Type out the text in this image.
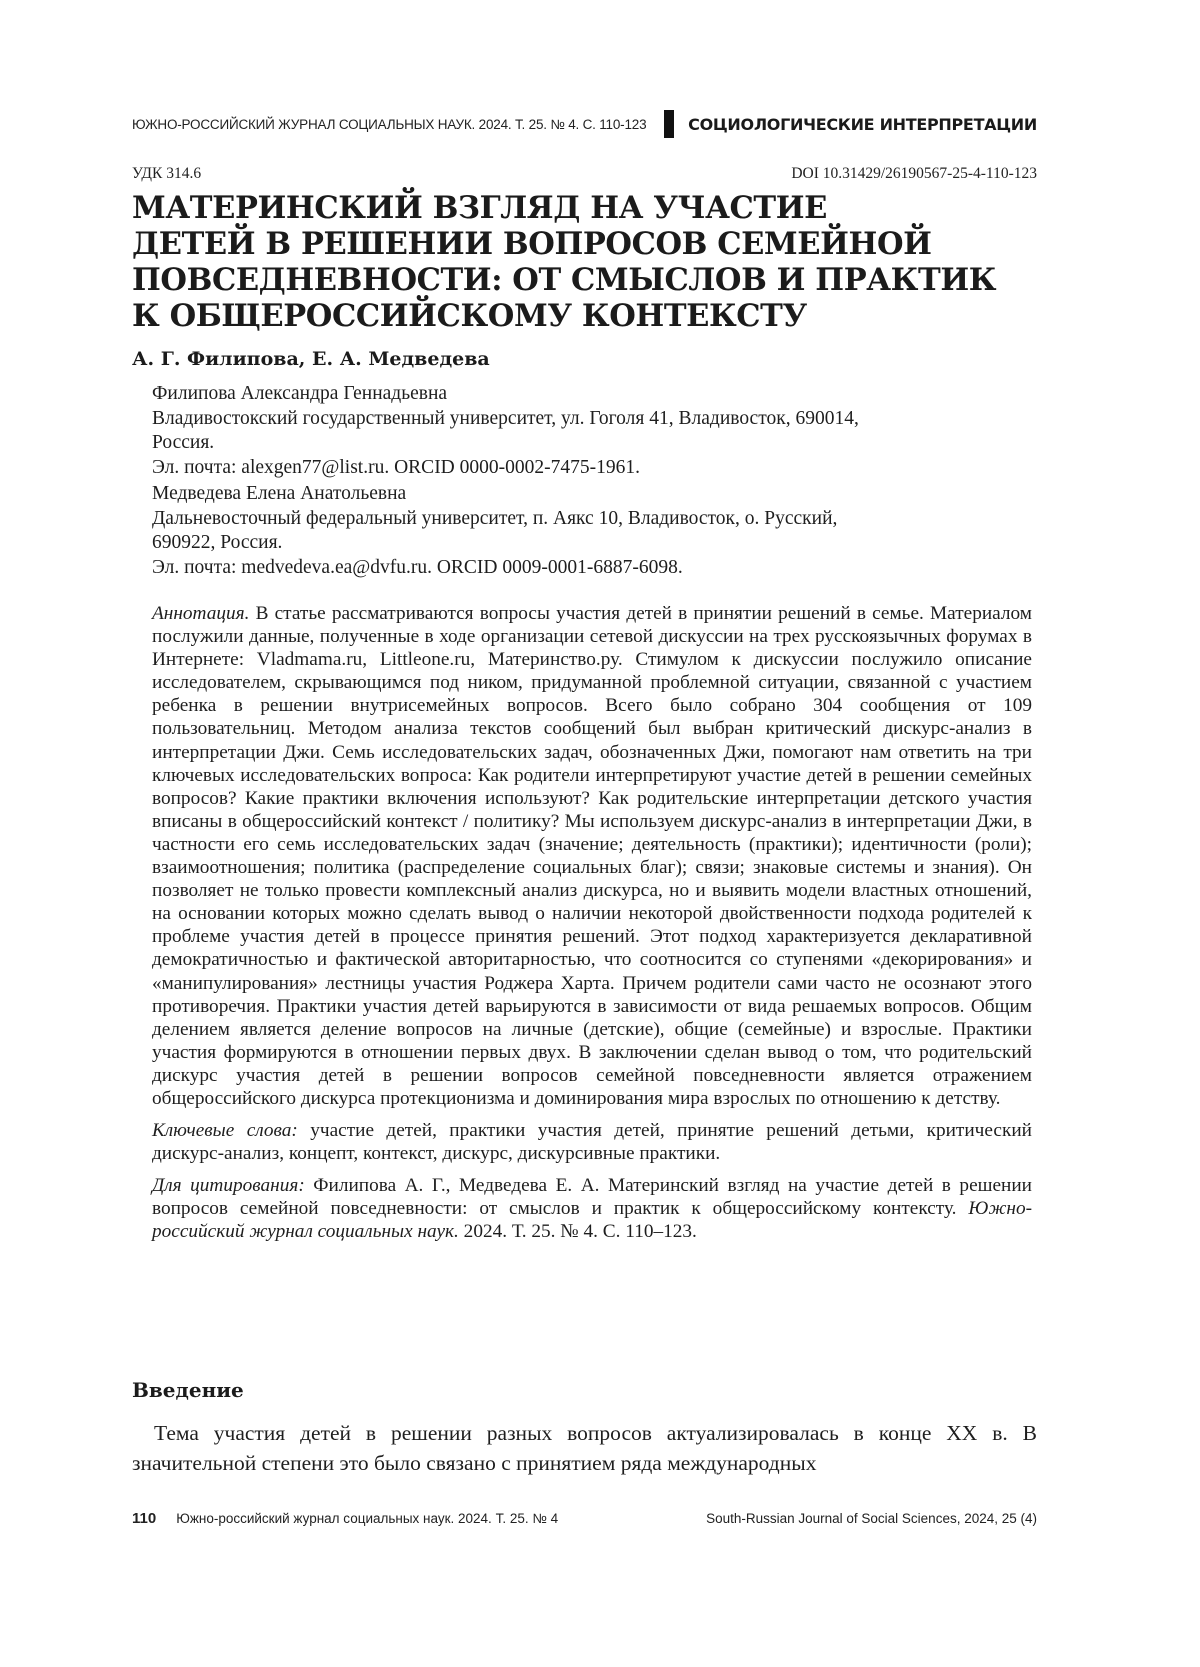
ЮЖНО-РОССИЙСКИЙ ЖУРНАЛ СОЦИАЛЬНЫХ НАУК. 2024. Т. 25. № 4. С. 110-123	СОЦИОЛОГИЧЕСКИЕ ИНТЕРПРЕТАЦИИ
УДК 314.6	DOI 10.31429/26190567-25-4-110-123
МАТЕРИНСКИЙ ВЗГЛЯД НА УЧАСТИЕ
ДЕТЕЙ В РЕШЕНИИ ВОПРОСОВ СЕМЕЙНОЙ
ПОВСЕДНЕВНОСТИ: ОТ СМЫСЛОВ И ПРАКТИК
К ОБЩЕРОССИЙСКОМУ КОНТЕКСТУ
А. Г. Филипова, Е. А. Медведева
Филипова Александра Геннадьевна
Владивостокский государственный университет, ул. Гоголя 41, Владивосток, 690014,
Россия.
Эл. почта: alexgen77@list.ru. ORCID 0000-0002-7475-1961.
Медведева Елена Анатольевна
Дальневосточный федеральный университет, п. Аякс 10, Владивосток, о. Русский,
690922, Россия.
Эл. почта: medvedeva.ea@dvfu.ru. ORCID 0009-0001-6887-6098.

Аннотация. В статье рассматриваются вопросы участия детей в принятии решений в семье. Материалом послужили данные, полученные в ходе организации сетевой дискуссии на трех русскоязычных форумах в Интернете: Vladmama.ru, Littleone.ru, Материнство.ру. Стимулом к дискуссии послужило описание исследователем, скрывающимся под ником, придуманной проблемной ситуации, связанной с участием ребенка в решении внутрисемейных вопросов. Всего было собрано 304 сообщения от 109 пользовательниц. Методом анализа текстов сообщений был выбран критический дискурс-анализ в интерпретации Джи. Семь исследовательских задач, обозначенных Джи, помогают нам ответить на три ключевых исследовательских вопроса: Как родители интерпретируют участие детей в решении семейных вопросов? Какие практики включения используют? Как родительские интерпретации детского участия вписаны в общероссийский контекст / политику? Мы используем дискурс-анализ в интерпретации Джи, в частности его семь исследовательских задач (значение; деятельность (практики); идентичности (роли); взаимоотношения; политика (распределение социальных благ); связи; знаковые системы и знания). Он позволяет не только провести комплексный анализ дискурса, но и выявить модели властных отношений, на основании которых можно сделать вывод о наличии некоторой двойственности подхода родителей к проблеме участия детей в процессе принятия решений. Этот подход характеризуется декларативной демократичностью и фактической авторитарностью, что соотносится со ступенями «декорирования» и «манипулирования» лестницы участия Роджера Харта. Причем родители сами часто не осознают этого противоречия. Практики участия детей варьируются в зависимости от вида решаемых вопросов. Общим делением является деление вопросов на личные (детские), общие (семейные) и взрослые. Практики участия формируются в отношении первых двух. В заключении сделан вывод о том, что родительский дискурс участия детей в решении вопросов семейной повседневности является отражением общероссийского дискурса протекционизма и доминирования мира взрослых по отношению к детству.

Ключевые слова: участие детей, практики участия детей, принятие решений детьми, критический дискурс-анализ, концепт, контекст, дискурс, дискурсивные практики.

Для цитирования: Филипова А. Г., Медведева Е. А. Материнский взгляд на участие детей в решении вопросов семейной повседневности: от смыслов и практик к общероссийскому контексту. Южно-российский журнал социальных наук. 2024. Т. 25. № 4. С. 110–123.

Введение

Тема участия детей в решении разных вопросов актуализировалась в конце XX в. В значительной степени это было связано с принятием ряда международных

110 Южно-российский журнал социальных наук. 2024. Т. 25. № 4	South-Russian Journal of Social Sciences, 2024, 25 (4)
